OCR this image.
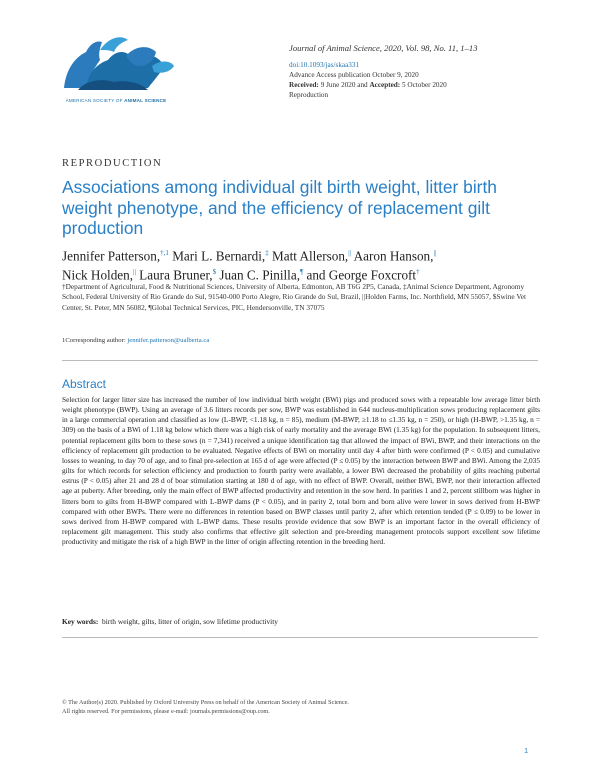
AMERICAN SOCIETY OF ANIMAL SCIENCE
Journal of Animal Science, 2020, Vol. 98, No. 11, 1–13
doi:10.1093/jas/skaa331
Advance Access publication October 9, 2020
Received: 9 June 2020 and Accepted: 5 October 2020
Reproduction
REPRODUCTION
Associations among individual gilt birth weight, litter birth weight phenotype, and the efficiency of replacement gilt production
Jennifer Patterson,$^{\dagger,1}$ Mari L. Bernardi,‡ Matt Allerson,|| Aaron Hanson,||
Nick Holden,|| Laura Bruner,$ Juan C. Pinilla,¶ and George Foxcroft†
†Department of Agricultural, Food & Nutritional Sciences, University of Alberta, Edmonton, AB T6G 2P5, Canada, ‡Animal Science Department, Agronomy School, Federal University of Rio Grande do Sul, 91540-000 Porto Alegre, Rio Grande do Sul, Brazil, ||Holden Farms, Inc. Northfield, MN 55057, $Swine Vet Center, St. Peter, MN 56082, ¶Global Technical Services, PIC, Hendersonville, TN 37075
1Corresponding author: jennifer.patterson@ualberta.ca
Abstract
Selection for larger litter size has increased the number of low individual birth weight (BWi) pigs and produced sows with a repeatable low average litter birth weight phenotype (BWP). Using an average of 3.6 litters records per sow, BWP was established in 644 nucleus-multiplication sows producing replacement gilts in a large commercial operation and classified as low (L-BWP, <1.18 kg, n = 85), medium (M-BWP, ≥1.18 to ≤1.35 kg, n = 250), or high (H-BWP, >1.35 kg, n = 309) on the basis of a BWi of 1.18 kg below which there was a high risk of early mortality and the average BWi (1.35 kg) for the population. In subsequent litters, potential replacement gilts born to these sows (n = 7,341) received a unique identification tag that allowed the impact of BWi, BWP, and their interactions on the efficiency of replacement gilt production to be evaluated. Negative effects of BWi on mortality until day 4 after birth were confirmed (P < 0.05) and cumulative losses to weaning, to day 70 of age, and to final pre-selection at 165 d of age were affected (P ≤ 0.05) by the interaction between BWP and BWi. Among the 2,035 gilts for which records for selection efficiency and production to fourth parity were available, a lower BWi decreased the probability of gilts reaching pubertal estrus (P < 0.05) after 21 and 28 d of boar stimulation starting at 180 d of age, with no effect of BWP. Overall, neither BWi, BWP, nor their interaction affected age at puberty. After breeding, only the main effect of BWP affected productivity and retention in the sow herd. In parities 1 and 2, percent stillborn was higher in litters born to gilts from H-BWP compared with L-BWP dams (P < 0.05), and in parity 2, total born and born alive were lower in sows derived from H-BWP compared with other BWPs. There were no differences in retention based on BWP classes until parity 2, after which retention tended (P ≤ 0.09) to be lower in sows derived from H-BWP compared with L-BWP dams. These results provide evidence that sow BWP is an important factor in the overall efficiency of replacement gilt management. This study also confirms that effective gilt selection and pre-breeding management protocols support excellent sow lifetime productivity and mitigate the risk of a high BWP in the litter of origin affecting retention in the breeding herd.
Key words: birth weight, gilts, litter of origin, sow lifetime productivity
© The Author(s) 2020. Published by Oxford University Press on behalf of the American Society of Animal Science.
All rights reserved. For permissions, please e-mail: journals.permissions@oup.com.
1
